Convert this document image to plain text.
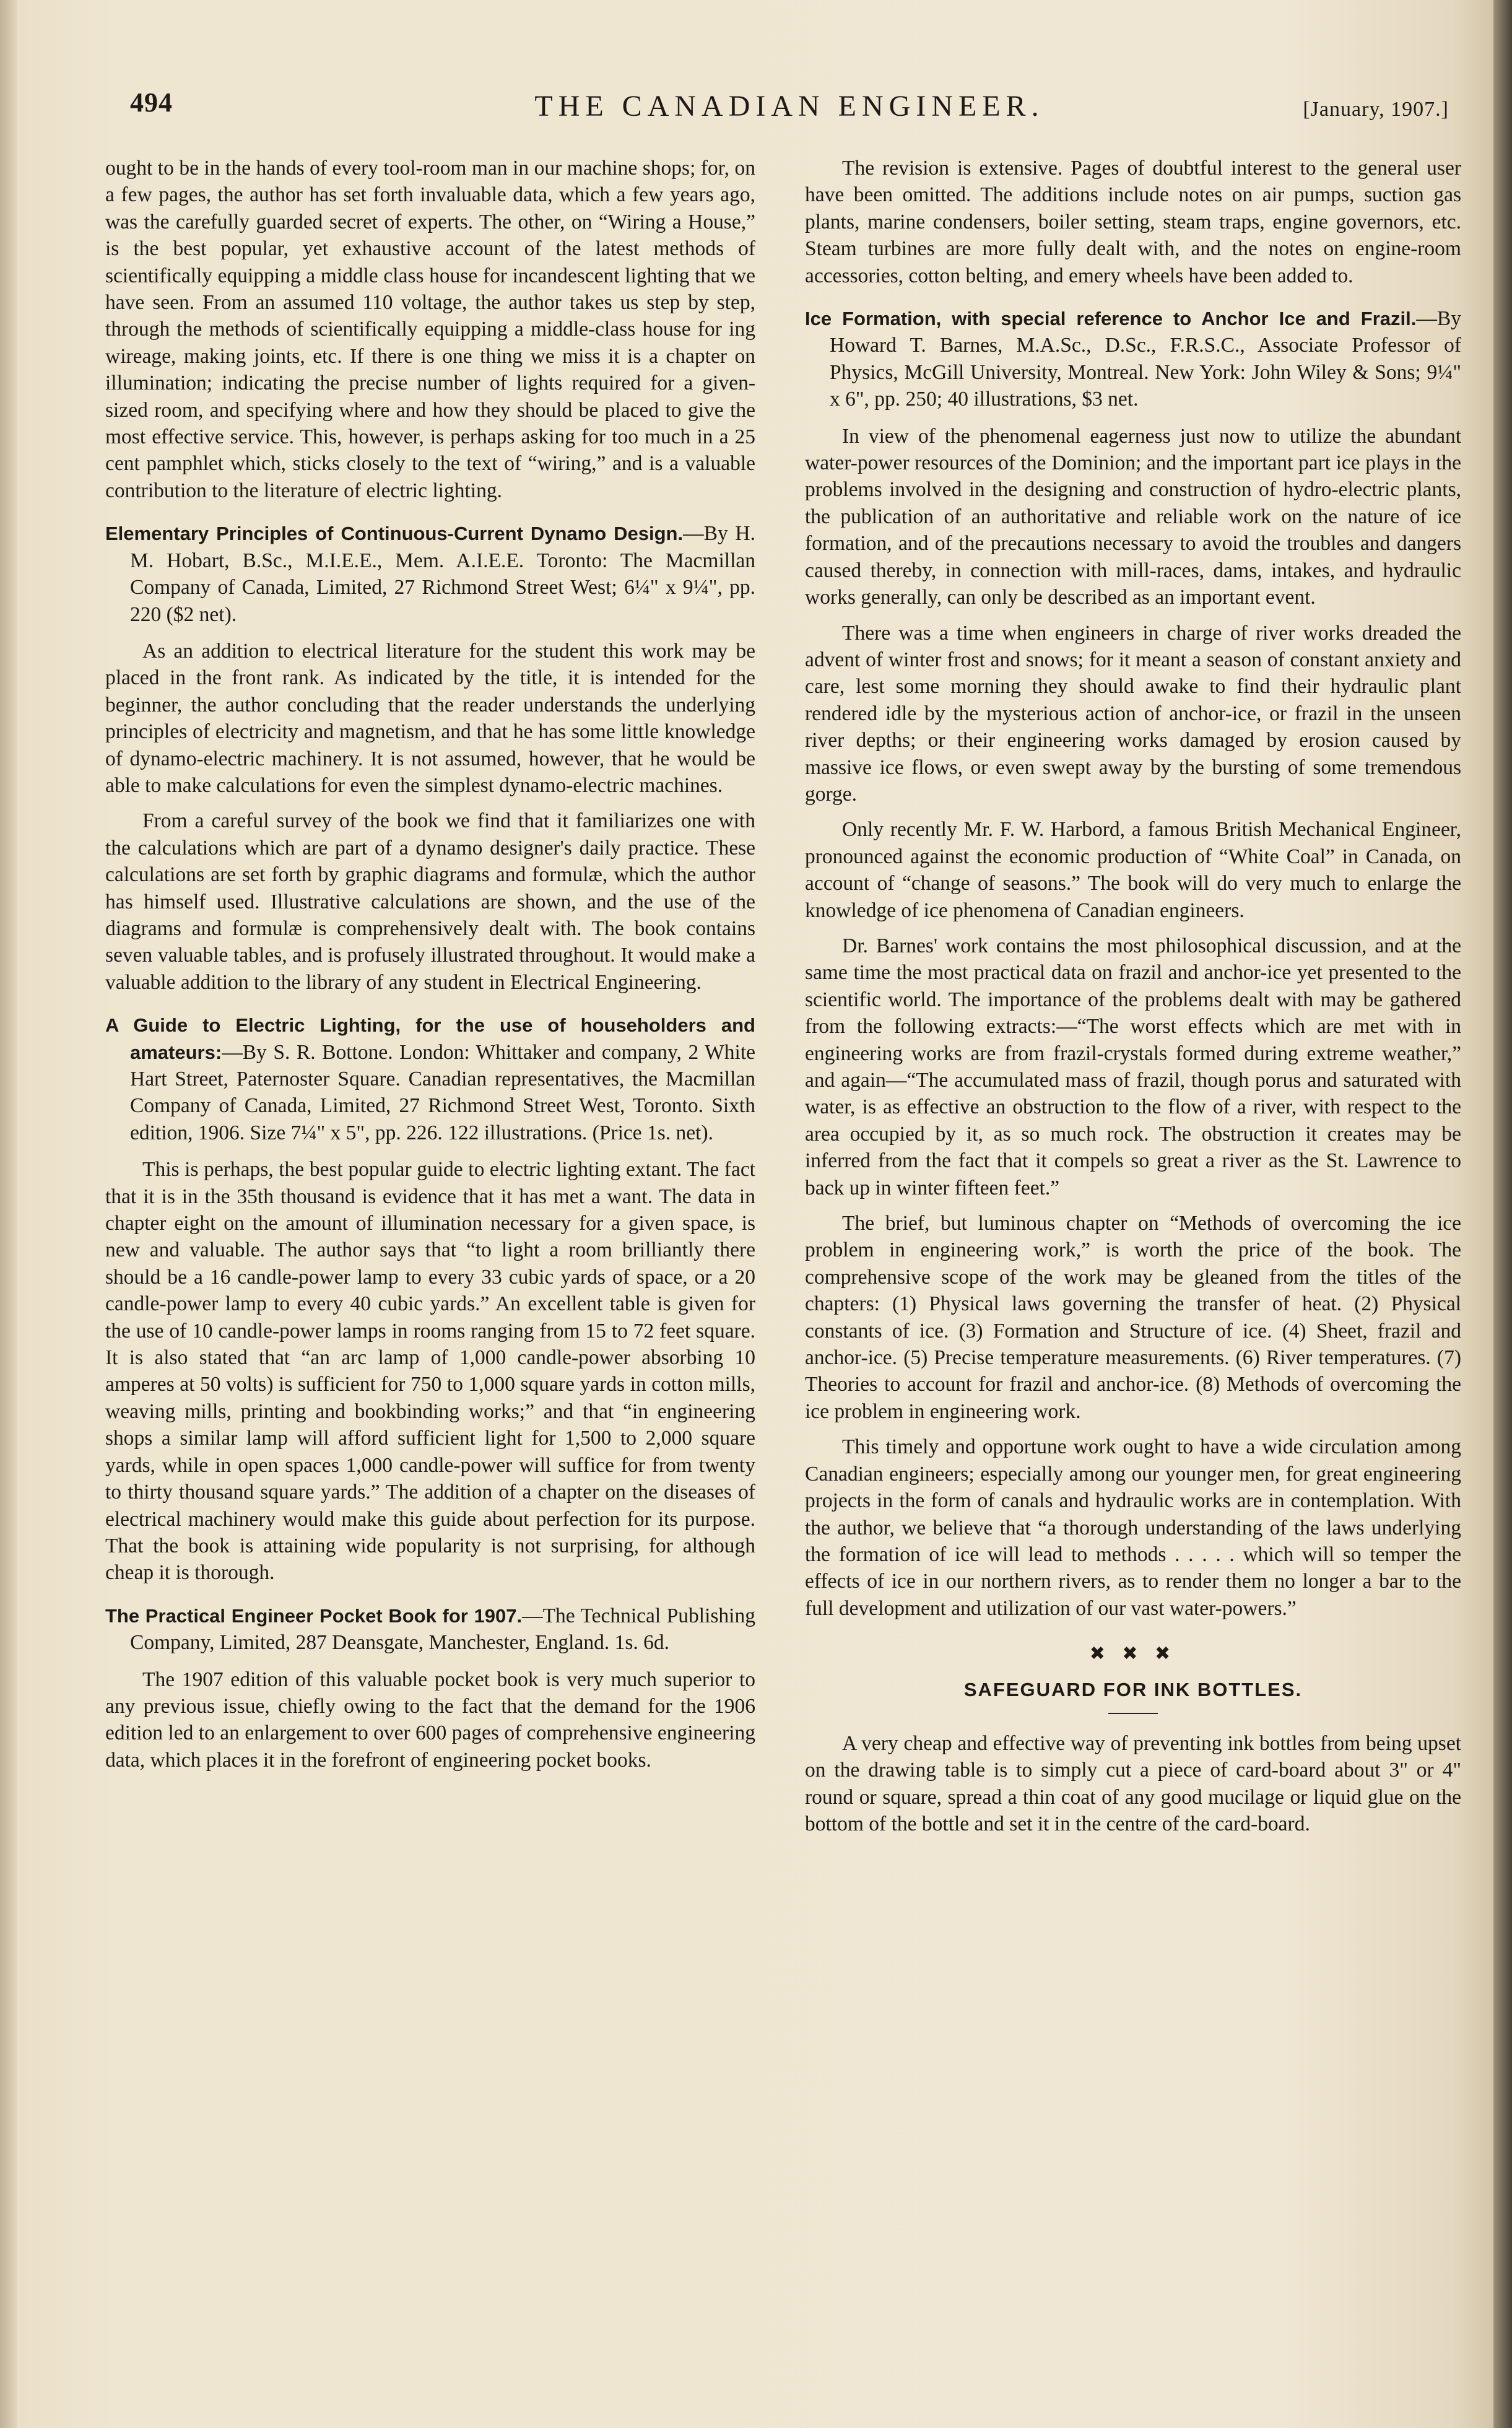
494	THE CANADIAN ENGINEER.	[January, 1907.]

ought to be in the hands of every tool-room man in our machine shops; for, on a few pages, the author has set forth invaluable data, which a few years ago, was the carefully guarded secret of experts. The other, on “Wiring a House,” is the best popular, yet exhaustive account of the latest methods of scientifically equipping a middle class house for incandescent lighting that we have seen. From an assumed 110 voltage, the author takes us step by step, through the methods of scientifically equipping a middle-class house for ing wireage, making joints, etc. If there is one thing we miss it is a chapter on illumination; indicating the precise number of lights required for a given-sized room, and specifying where and how they should be placed to give the most effective service. This, however, is perhaps asking for too much in a 25 cent pamphlet which, sticks closely to the text of “wiring,” and is a valuable contribution to the literature of electric lighting.

Elementary Principles of Continuous-Current Dynamo Design.—By H. M. Hobart, B.Sc., M.I.E.E., Mem. A.I.E.E. Toronto: The Macmillan Company of Canada, Limited, 27 Richmond Street West; 6¼" x 9¼", pp. 220 ($2 net).

As an addition to electrical literature for the student this work may be placed in the front rank. As indicated by the title, it is intended for the beginner, the author concluding that the reader understands the underlying principles of electricity and magnetism, and that he has some little knowledge of dynamo-electric machinery. It is not assumed, however, that he would be able to make calculations for even the simplest dynamo-electric machines.

From a careful survey of the book we find that it familiarizes one with the calculations which are part of a dynamo designer's daily practice. These calculations are set forth by graphic diagrams and formulæ, which the author has himself used. Illustrative calculations are shown, and the use of the diagrams and formulæ is comprehensively dealt with. The book contains seven valuable tables, and is profusely illustrated throughout. It would make a valuable addition to the library of any student in Electrical Engineering.

A Guide to Electric Lighting, for the use of householders and amateurs:—By S. R. Bottone. London: Whittaker and company, 2 White Hart Street, Paternoster Square. Canadian representatives, the Macmillan Company of Canada, Limited, 27 Richmond Street West, Toronto. Sixth edition, 1906. Size 7¼" x 5", pp. 226. 122 illustrations. (Price 1s. net).

This is perhaps, the best popular guide to electric lighting extant. The fact that it is in the 35th thousand is evidence that it has met a want. The data in chapter eight on the amount of illumination necessary for a given space, is new and valuable. The author says that “to light a room brilliantly there should be a 16 candle-power lamp to every 33 cubic yards of space, or a 20 candle-power lamp to every 40 cubic yards.” An excellent table is given for the use of 10 candle-power lamps in rooms ranging from 15 to 72 feet square. It is also stated that “an arc lamp of 1,000 candle-power absorbing 10 amperes at 50 volts) is sufficient for 750 to 1,000 square yards in cotton mills, weaving mills, printing and bookbinding works;” and that “in engineering shops a similar lamp will afford sufficient light for 1,500 to 2,000 square yards, while in open spaces 1,000 candle-power will suffice for from twenty to thirty thousand square yards.” The addition of a chapter on the diseases of electrical machinery would make this guide about perfection for its purpose. That the book is attaining wide popularity is not surprising, for although cheap it is thorough.

The Practical Engineer Pocket Book for 1907.—The Technical Publishing Company, Limited, 287 Deansgate, Manchester, England. 1s. 6d.

The 1907 edition of this valuable pocket book is very much superior to any previous issue, chiefly owing to the fact that the demand for the 1906 edition led to an enlargement to over 600 pages of comprehensive engineering data, which places it in the forefront of engineering pocket books.

The revision is extensive. Pages of doubtful interest to the general user have been omitted. The additions include notes on air pumps, suction gas plants, marine condensers, boiler setting, steam traps, engine governors, etc. Steam turbines are more fully dealt with, and the notes on engine-room accessories, cotton belting, and emery wheels have been added to.

Ice Formation, with special reference to Anchor Ice and Frazil.—By Howard T. Barnes, M.A.Sc., D.Sc., F.R.S.C., Associate Professor of Physics, McGill University, Montreal. New York: John Wiley & Sons; 9¼" x 6", pp. 250; 40 illustrations, $3 net.

In view of the phenomenal eagerness just now to utilize the abundant water-power resources of the Dominion; and the important part ice plays in the problems involved in the designing and construction of hydro-electric plants, the publication of an authoritative and reliable work on the nature of ice formation, and of the precautions necessary to avoid the troubles and dangers caused thereby, in connection with mill-races, dams, intakes, and hydraulic works generally, can only be described as an important event.

There was a time when engineers in charge of river works dreaded the advent of winter frost and snows; for it meant a season of constant anxiety and care, lest some morning they should awake to find their hydraulic plant rendered idle by the mysterious action of anchor-ice, or frazil in the unseen river depths; or their engineering works damaged by erosion caused by massive ice flows, or even swept away by the bursting of some tremendous gorge.

Only recently Mr. F. W. Harbord, a famous British Mechanical Engineer, pronounced against the economic production of “White Coal” in Canada, on account of “change of seasons.” The book will do very much to enlarge the knowledge of ice phenomena of Canadian engineers.

Dr. Barnes' work contains the most philosophical discussion, and at the same time the most practical data on frazil and anchor-ice yet presented to the scientific world. The importance of the problems dealt with may be gathered from the following extracts:—“The worst effects which are met with in engineering works are from frazil-crystals formed during extreme weather,” and again—“The accumulated mass of frazil, though porus and saturated with water, is as effective an obstruction to the flow of a river, with respect to the area occupied by it, as so much rock. The obstruction it creates may be inferred from the fact that it compels so great a river as the St. Lawrence to back up in winter fifteen feet.”

The brief, but luminous chapter on “Methods of overcoming the ice problem in engineering work,” is worth the price of the book. The comprehensive scope of the work may be gleaned from the titles of the chapters: (1) Physical laws governing the transfer of heat. (2) Physical constants of ice. (3) Formation and Structure of ice. (4) Sheet, frazil and anchor-ice. (5) Precise temperature measurements. (6) River temperatures. (7) Theories to account for frazil and anchor-ice. (8) Methods of overcoming the ice problem in engineering work.

This timely and opportune work ought to have a wide circulation among Canadian engineers; especially among our younger men, for great engineering projects in the form of canals and hydraulic works are in contemplation. With the author, we believe that “a thorough understanding of the laws underlying the formation of ice will lead to methods . . . . . which will so temper the effects of ice in our northern rivers, as to render them no longer a bar to the full development and utilization of our vast water-powers.”

✖ ✖ ✖
SAFEGUARD FOR INK BOTTLES.

A very cheap and effective way of preventing ink bottles from being upset on the drawing table is to simply cut a piece of card-board about 3" or 4" round or square, spread a thin coat of any good mucilage or liquid glue on the bottom of the bottle and set it in the centre of the card-board.
